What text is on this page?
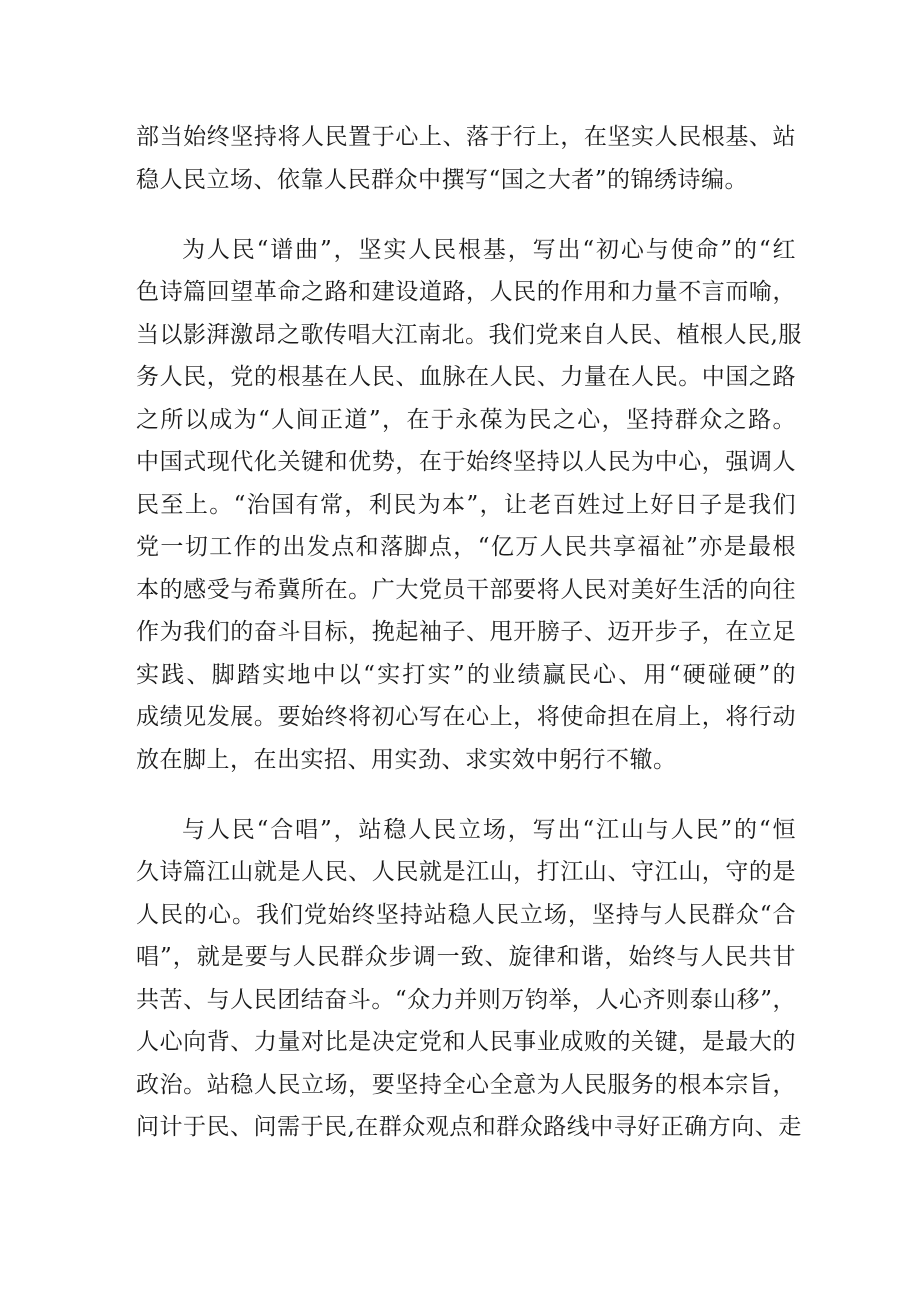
部当始终坚持将人民置于心上、落于行上，在坚实人民根基、站

稳人民立场、依靠人民群众中撰写“国之大者”的锦绣诗编。

为人民“谱曲”，坚实人民根基，写出“初心与使命”的“红

色诗篇回望革命之路和建设道路，人民的作用和力量不言而喻，

当以影湃激昂之歌传唱大江南北。我们党来自人民、植根人民,服

务人民，党的根基在人民、血脉在人民、力量在人民。中国之路

之所以成为“人间正道”，在于永葆为民之心，坚持群众之路。

中国式现代化关键和优势，在于始终坚持以人民为中心，强调人

民至上。“治国有常，利民为本”，让老百姓过上好日子是我们

党一切工作的出发点和落脚点，“亿万人民共享福祉”亦是最根

本的感受与希冀所在。广大党员干部要将人民对美好生活的向往

作为我们的奋斗目标，挽起袖子、甩开膀子、迈开步子，在立足

实践、脚踏实地中以“实打实”的业绩赢民心、用“硬碰硬”的

成绩见发展。要始终将初心写在心上，将使命担在肩上，将行动

放在脚上，在出实招、用实劲、求实效中躬行不辙。

与人民“合唱”，站稳人民立场，写出“江山与人民”的“恒

久诗篇江山就是人民、人民就是江山，打江山、守江山，守的是

人民的心。我们党始终坚持站稳人民立场，坚持与人民群众“合

唱”，就是要与人民群众步调一致、旋律和谐，始终与人民共甘

共苦、与人民团结奋斗。“众力并则万钧举，人心齐则泰山移”，

人心向背、力量对比是决定党和人民事业成败的关键，是最大的

政治。站稳人民立场，要坚持全心全意为人民服务的根本宗旨，

问计于民、问需于民,在群众观点和群众路线中寻好正确方向、走
